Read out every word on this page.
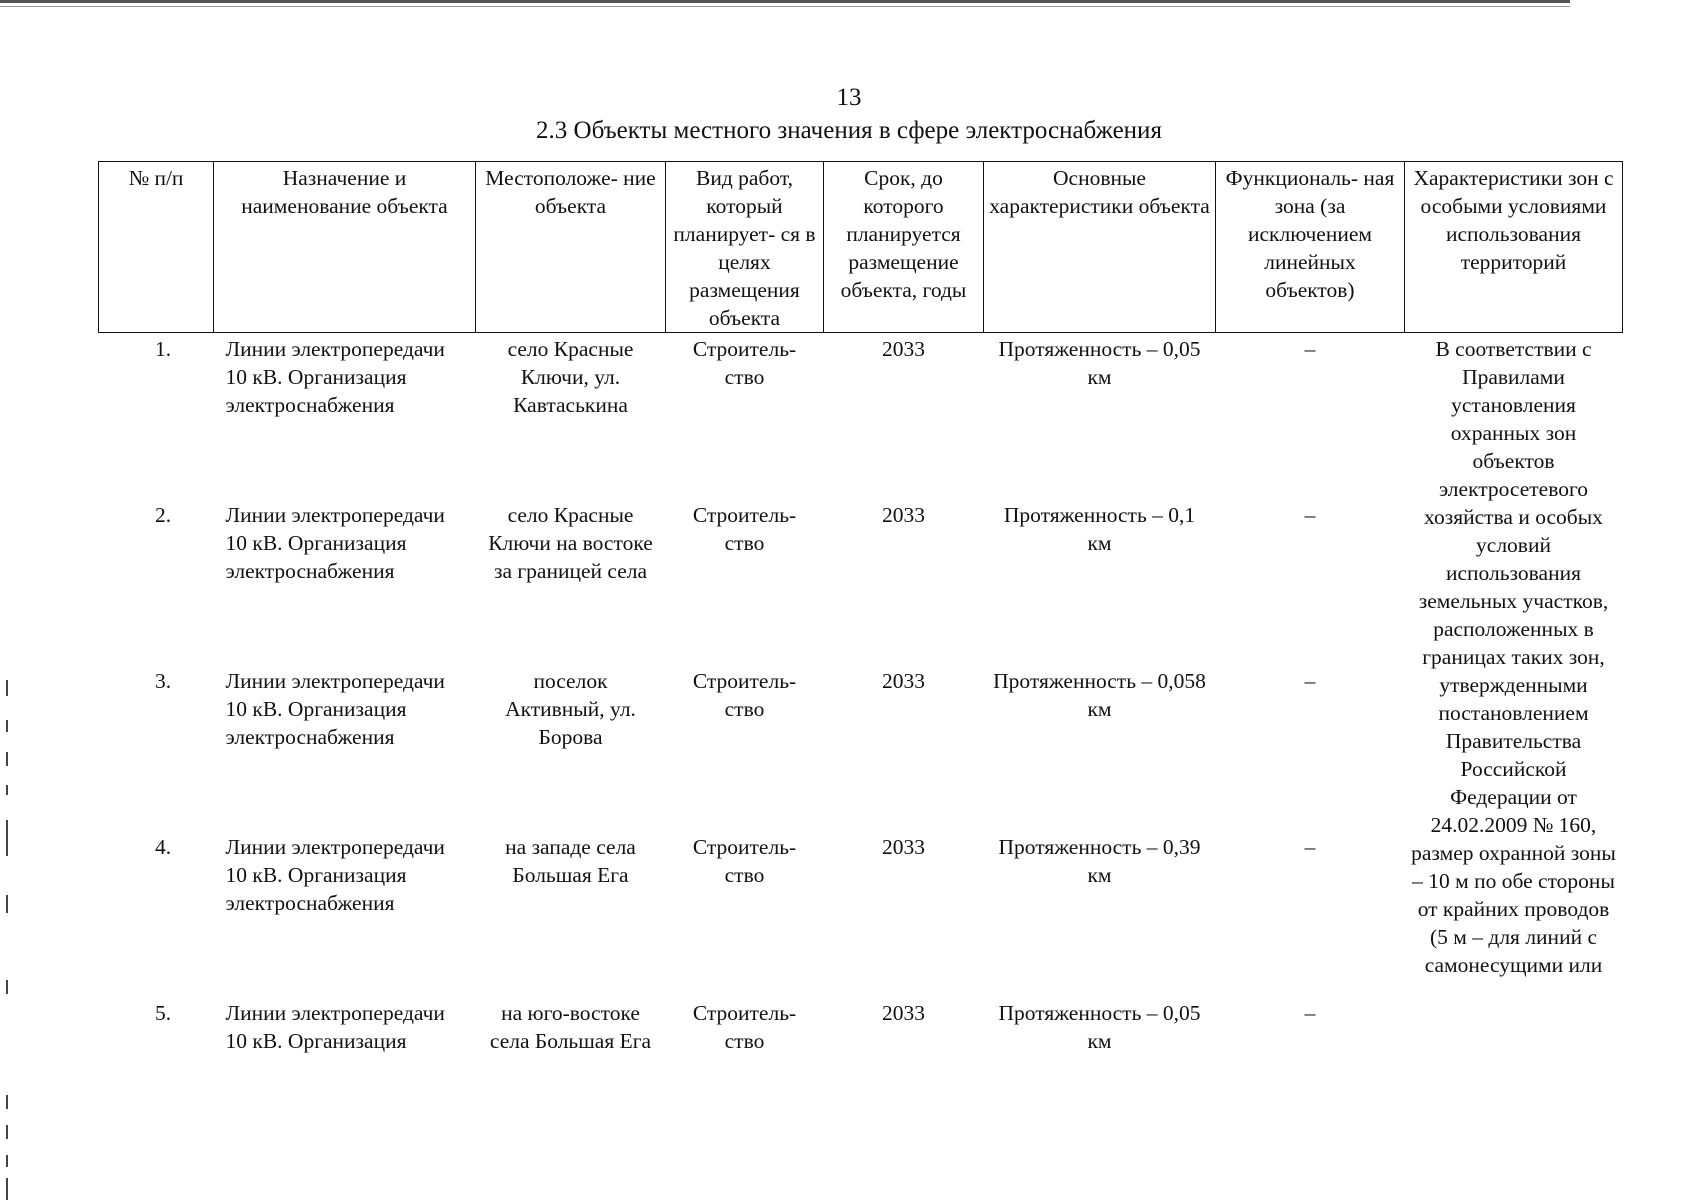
13
2.3 Объекты местного значения в сфере электроснабжения
№ п/п	Назначение и наименование объекта	Местоположе- ние объекта	Вид работ, который планирует- ся в целях размещения объекта	Срок, до которого планируется размещение объекта, годы	Основные характеристики объекта	Функциональ- ная зона (за исключением линейных объектов)	Характеристики зон с особыми условиями использования территорий
1.	Линии электропередачи 10 кВ. Организация электроснабжения	село Красные Ключи, ул. Кавтаськина	Строитель- ство	2033	Протяженность – 0,05 км	–	В соответствии с Правилами установления охранных зон объектов электросетевого хозяйства и особых условий использования земельных участков, расположенных в границах таких зон, утвержденными постановлением Правительства Российской Федерации от 24.02.2009 № 160, размер охранной зоны – 10 м по обе стороны от крайних проводов (5 м – для линий с самонесущими или
2.	Линии электропередачи 10 кВ. Организация электроснабжения	село Красные Ключи на востоке за границей села	Строитель- ство	2033	Протяженность – 0,1 км	–	
3.	Линии электропередачи 10 кВ. Организация электроснабжения	поселок Активный, ул. Борова	Строитель- ство	2033	Протяженность – 0,058 км	–	
4.	Линии электропередачи 10 кВ. Организация электроснабжения	на западе села Большая Ега	Строитель- ство	2033	Протяженность – 0,39 км	–	
5.	Линии электропередачи 10 кВ. Организация	на юго-востоке села Большая Ега	Строитель- ство	2033	Протяженность – 0,05 км	–	
